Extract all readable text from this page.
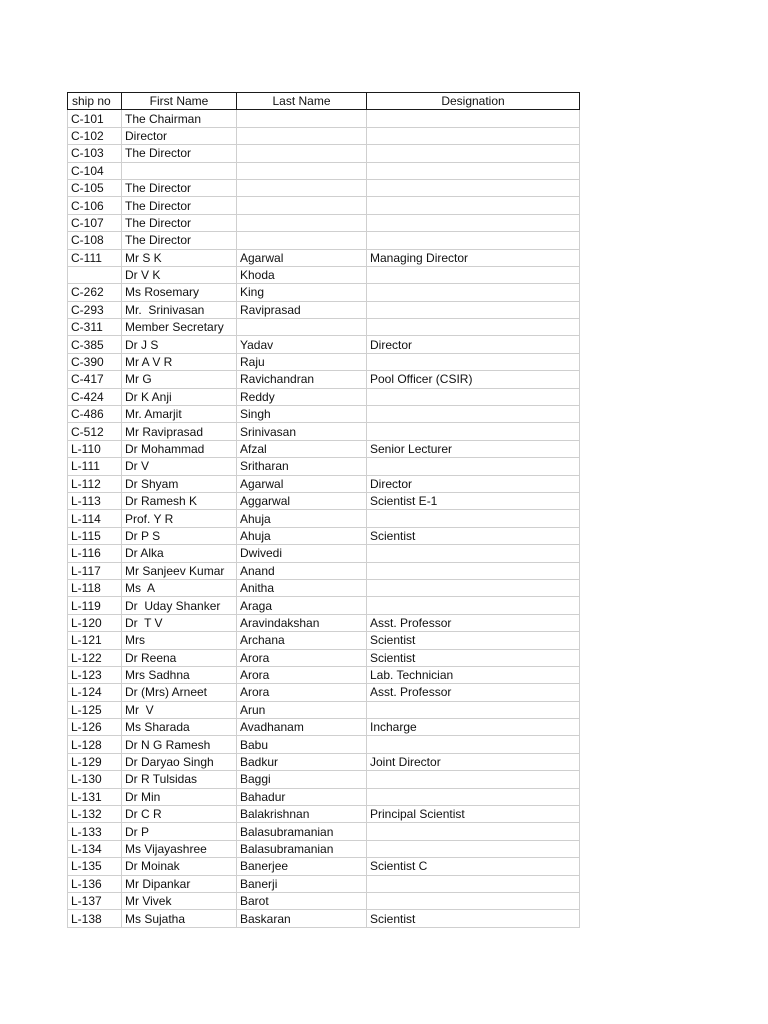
ship no	First Name	Last Name	Designation
C-101	The Chairman		
C-102	Director		
C-103	The Director		
C-104			
C-105	The Director		
C-106	The Director		
C-107	The Director		
C-108	The Director		
C-111	Mr S K	Agarwal	Managing Director
	Dr V K	Khoda	
C-262	Ms Rosemary	King	
C-293	Mr.  Srinivasan	Raviprasad	
C-311	Member Secretary		
C-385	Dr J S	Yadav	Director
C-390	Mr A V R	Raju	
C-417	Mr G	Ravichandran	Pool Officer (CSIR)
C-424	Dr K Anji	Reddy	
C-486	Mr. Amarjit	Singh	
C-512	Mr Raviprasad	Srinivasan	
L-110	Dr Mohammad	Afzal	Senior Lecturer
L-111	Dr V	Sritharan	
L-112	Dr Shyam	Agarwal	Director
L-113	Dr Ramesh K	Aggarwal	Scientist E-1
L-114	Prof. Y R	Ahuja	
L-115	Dr P S	Ahuja	Scientist
L-116	Dr Alka	Dwivedi	
L-117	Mr Sanjeev Kumar	Anand	
L-118	Ms  A	Anitha	
L-119	Dr  Uday Shanker	Araga	
L-120	Dr  T V	Aravindakshan	Asst. Professor
L-121	Mrs	Archana	Scientist
L-122	Dr Reena	Arora	Scientist
L-123	Mrs Sadhna	Arora	Lab. Technician
L-124	Dr (Mrs) Arneet	Arora	Asst. Professor
L-125	Mr  V	Arun	
L-126	Ms Sharada	Avadhanam	Incharge
L-128	Dr N G Ramesh	Babu	
L-129	Dr Daryao Singh	Badkur	Joint Director
L-130	Dr R Tulsidas	Baggi	
L-131	Dr Min	Bahadur	
L-132	Dr C R	Balakrishnan	Principal Scientist
L-133	Dr P	Balasubramanian	
L-134	Ms Vijayashree	Balasubramanian	
L-135	Dr Moinak	Banerjee	Scientist C
L-136	Mr Dipankar	Banerji	
L-137	Mr Vivek	Barot	
L-138	Ms Sujatha	Baskaran	Scientist
